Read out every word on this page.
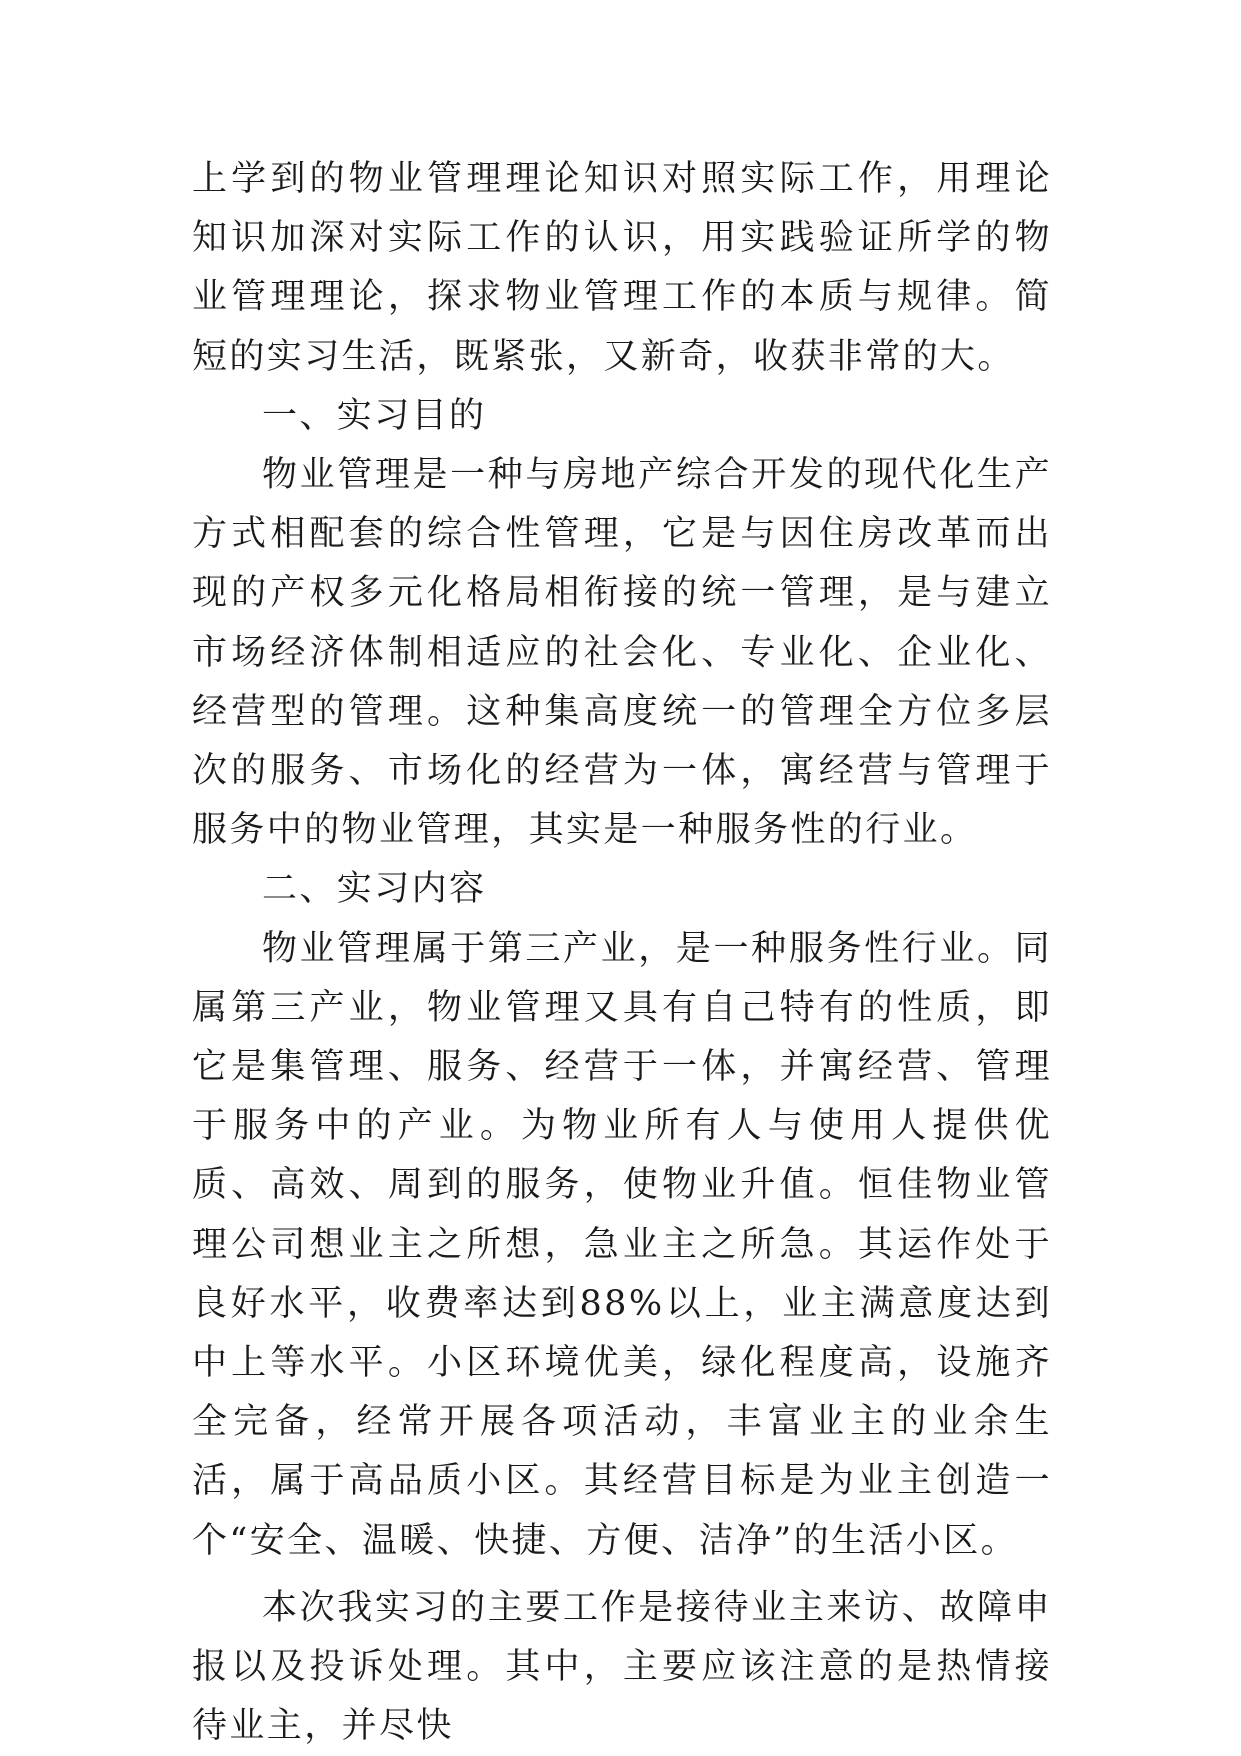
上学到的物业管理理论知识对照实际工作，用理论知识加深对实际工作的认识，用实践验证所学的物业管理理论，探求物业管理工作的本质与规律。简短的实习生活，既紧张，又新奇，收获非常的大。

一、实习目的

物业管理是一种与房地产综合开发的现代化生产方式相配套的综合性管理，它是与因住房改革而出现的产权多元化格局相衔接的统一管理，是与建立市场经济体制相适应的社会化、专业化、企业化、经营型的管理。这种集高度统一的管理全方位多层次的服务、市场化的经营为一体，寓经营与管理于服务中的物业管理，其实是一种服务性的行业。

二、实习内容

物业管理属于第三产业，是一种服务性行业。同属第三产业，物业管理又具有自己特有的性质，即它是集管理、服务、经营于一体，并寓经营、管理于服务中的产业。为物业所有人与使用人提供优质、高效、周到的服务，使物业升值。恒佳物业管理公司想业主之所想，急业主之所急。其运作处于良好水平，收费率达到88%以上，业主满意度达到中上等水平。小区环境优美，绿化程度高，设施齐全完备，经常开展各项活动，丰富业主的业余生活，属于高品质小区。其经营目标是为业主创造一个“安全、温暖、快捷、方便、洁净”的生活小区。

本次我实习的主要工作是接待业主来访、故障申报以及投诉处理。其中，主要应该注意的是热情接待业主，并尽快
